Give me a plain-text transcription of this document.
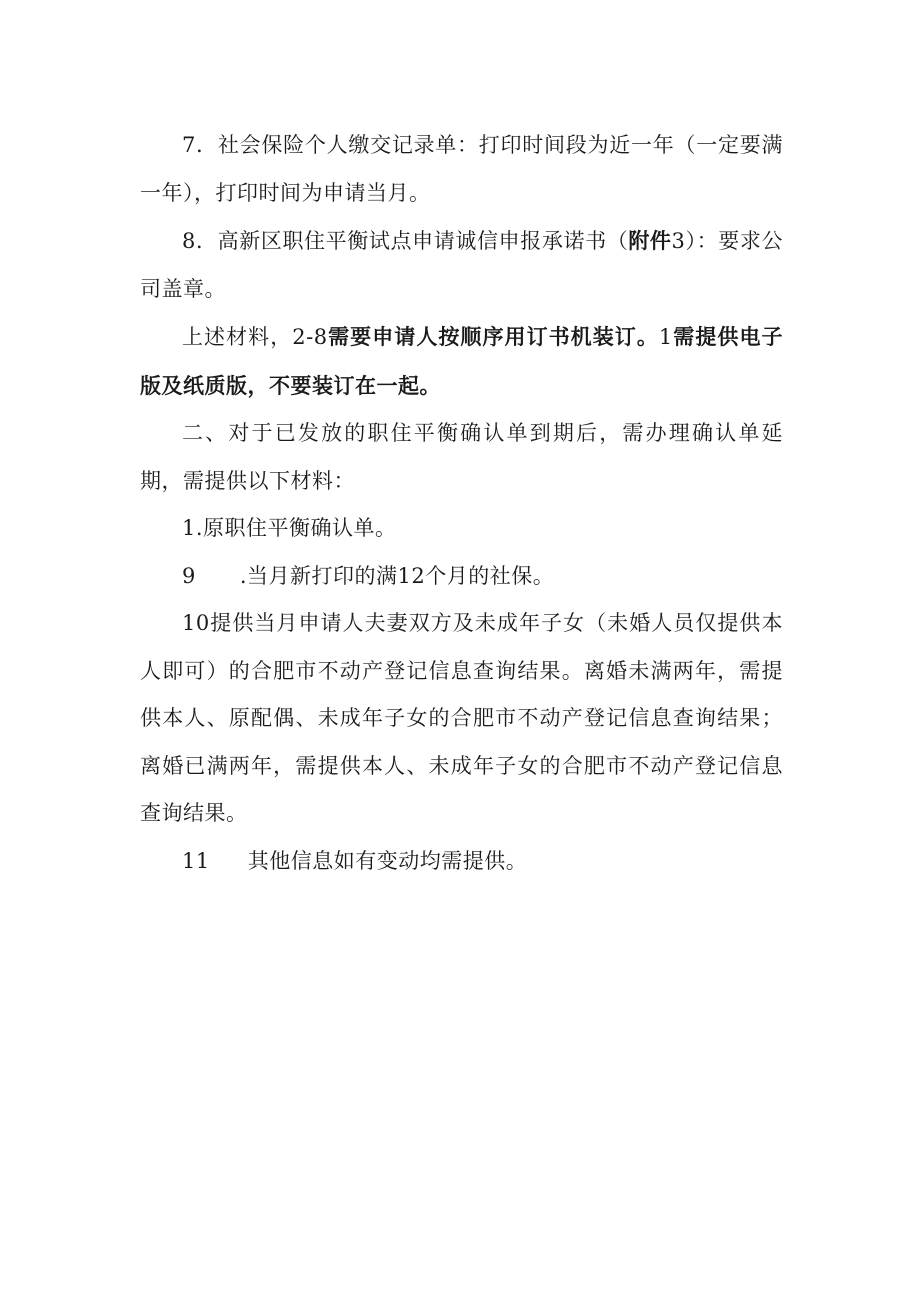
7．社会保险个人缴交记录单：打印时间段为近一年（一定要满一年），打印时间为申请当月。

8．高新区职住平衡试点申请诚信申报承诺书（附件3）：要求公司盖章。

上述材料，2-8需要申请人按顺序用订书机装订。1需提供电子版及纸质版，不要装订在一起。

二、对于已发放的职住平衡确认单到期后，需办理确认单延期，需提供以下材料：

1.原职住平衡确认单。

9 .当月新打印的满12个月的社保。

10提供当月申请人夫妻双方及未成年子女（未婚人员仅提供本人即可）的合肥市不动产登记信息查询结果。离婚未满两年，需提供本人、原配偶、未成年子女的合肥市不动产登记信息查询结果；离婚已满两年，需提供本人、未成年子女的合肥市不动产登记信息查询结果。

11 其他信息如有变动均需提供。
